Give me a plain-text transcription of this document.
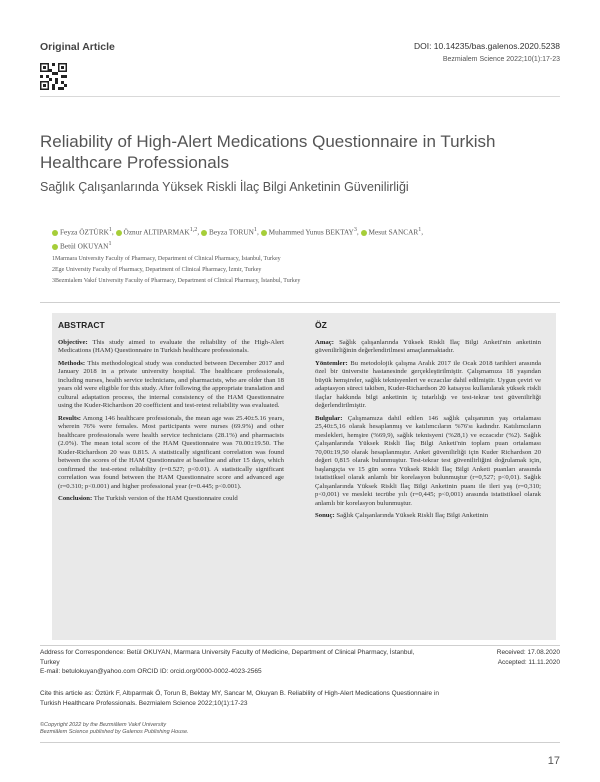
Original Article	DOI: 10.14235/bas.galenos.2020.5238
Bezmialem Science 2022;10(1):17-23
Reliability of High-Alert Medications Questionnaire in Turkish Healthcare Professionals
Sağlık Çalışanlarında Yüksek Riskli İlaç Bilgi Anketinin Güvenilirliği
Feyza ÖZTÜRK$^1$, Öznur ALTIPARMAK$^{1,2}$, Beyza TORUN$^1$, Muhammed Yunus BEKTAY$^3$, Mesut SANCAR$^1$,
Betül OKUYAN$^1$
1Marmara University Faculty of Pharmacy, Department of Clinical Pharmacy, İstanbul, Turkey
2Ege University Faculty of Pharmacy, Department of Clinical Pharmacy, İzmir, Turkey
3Bezmialem Vakıf University Faculty of Pharmacy, Department of Clinical Pharmacy, İstanbul, Turkey
ABSTRACT

Objective: This study aimed to evaluate the reliability of the High-Alert Medications (HAM) Questionnaire in Turkish healthcare professionals.

Methods: This methodological study was conducted between December 2017 and January 2018 in a private university hospital. The healthcare professionals, including nurses, health service technicians, and pharmacists, who are older than 18 years old were eligible for this study. After following the appropriate translation and cultural adaptation process, the internal consistency of the HAM Questionnaire using the Kuder-Richardson 20 coefficient and test-retest reliability was evaluated.

Results: Among 146 healthcare professionals, the mean age was 25.40±5.16 years, wherein 76% were females. Most participants were nurses (69.9%) and other healthcare professionals were health service technicians (28.1%) and pharmacists (2.0%). The mean total score of the HAM Questionnaire was 70.00±19.50. The Kuder-Richardson 20 was 0.815. A statistically significant correlation was found between the scores of the HAM Questionnaire at baseline and after 15 days, which confirmed the test-retest reliability (r=0.527; p<0.01). A statistically significant correlation was found between the HAM Questionnaire score and advanced age (r=0.310; p<0.001) and higher professional year (r=0.445; p<0.001).

Conclusion: The Turkish version of the HAM Questionnaire could

ÖZ

Amaç: Sağlık çalışanlarında Yüksek Riskli İlaç Bilgi Anketi'nin anketinin güvenilirliğinin değerlendirilmesi amaçlanmaktadır.

Yöntemler: Bu metodolojik çalışma Aralık 2017 ile Ocak 2018 tarihleri arasında özel bir üniversite hastanesinde gerçekleştirilmiştir. Çalışmamıza 18 yaşından büyük hemşireler, sağlık teknisyenleri ve eczacılar dahil edilmiştir. Uygun çeviri ve adaptasyon süreci takiben, Kuder-Richardson 20 katsayısı kullanılarak yüksek riskli ilaçlar hakkında bilgi anketinin iç tutarlılığı ve test-tekrar test güvenilirliği değerlendirilmiştir.

Bulgular: Çalışmamıza dahil edilen 146 sağlık çalışanının yaş ortalaması 25,40±5,16 olarak hesaplanmış ve katılımcıların %76'sı kadındır. Katılımcıların meslekleri, hemşire (%69,9), sağlık teknisyeni (%28,1) ve eczacıdır (%2). Sağlık Çalışanlarında Yüksek Riskli İlaç Bilgi Anketi'nin toplam puan ortalaması 70,00±19,50 olarak hesaplanmıştır. Anket güvenilirliği için Kuder Richardson 20 değeri 0,815 olarak bulunmuştur. Test-tekrar test güvenilirliğini doğrulamak için, başlangıçta ve 15 gün sonra Yüksek Riskli İlaç Bilgi Anketi puanları arasında istatistiksel olarak anlamlı bir korelasyon bulunmuştur (r=0,527; p<0,01). Sağlık Çalışanlarında Yüksek Riskli İlaç Bilgi Anketinin puanı ile ileri yaş (r=0,310; p<0,001) ve mesleki tecrübe yılı (r=0,445; p<0,001) arasında istatistiksel olarak anlamlı bir korelasyon bulunmuştur.

Sonuç: Sağlık Çalışanlarında Yüksek Riskli İlaç Bilgi Anketinin

Address for Correspondence: Betül OKUYAN, Marmara University Faculty of Medicine, Department of Clinical Pharmacy, İstanbul, Turkey
E-mail: betulokuyan@yahoo.com ORCID ID: orcid.org/0000-0002-4023-2565
Received: 17.08.2020
Accepted: 11.11.2020
Cite this article as: Öztürk F, Altıparmak Ö, Torun B, Bektay MY, Sancar M, Okuyan B. Reliability of High-Alert Medications Questionnaire in Turkish Healthcare Professionals. Bezmialem Science 2022;10(1):17-23
©Copyright 2022 by the Bezmiâlem Vakıf University
Bezmiâlem Science published by Galenos Publishing House.
17
